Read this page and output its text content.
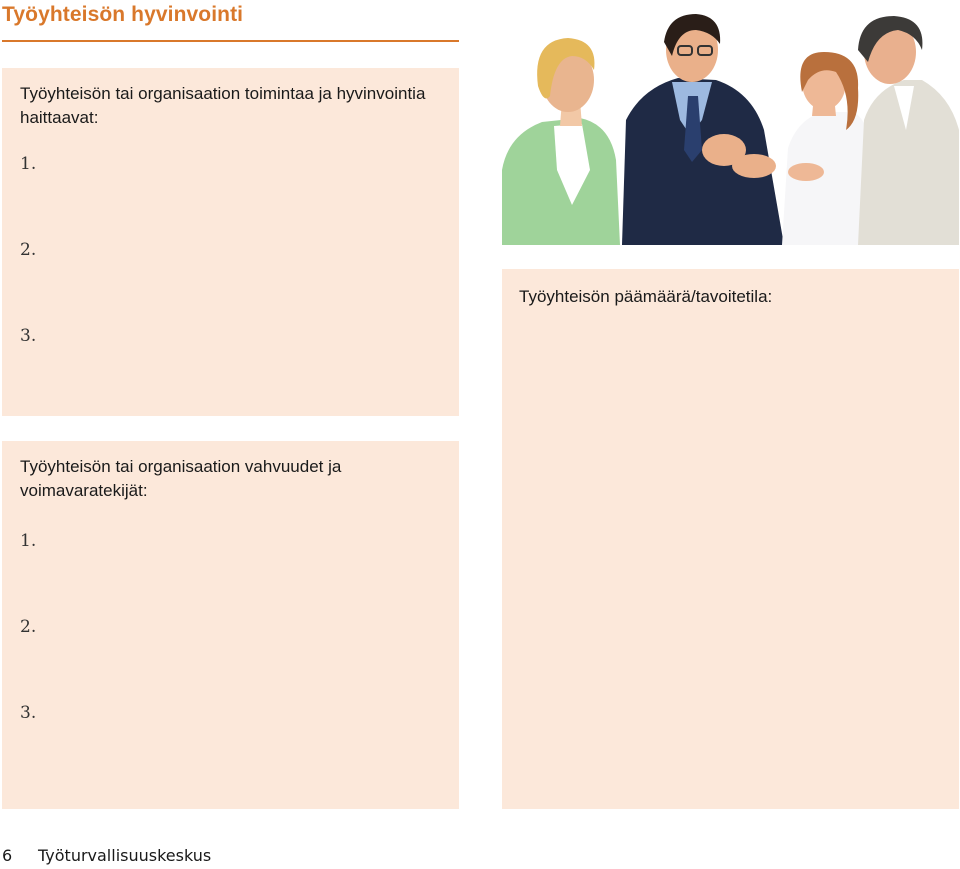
Työyhteisön hyvinvointi
Työyhteisön tai organisaation toimintaa ja hyvinvointia haittaavat:
1.
2.
3.
Työyhteisön tai organisaation vahvuudet ja voimavaratekijät:
1.
2.
3.
Työyhteisön päämäärä/tavoitetila:
6 Työturvallisuuskeskus
